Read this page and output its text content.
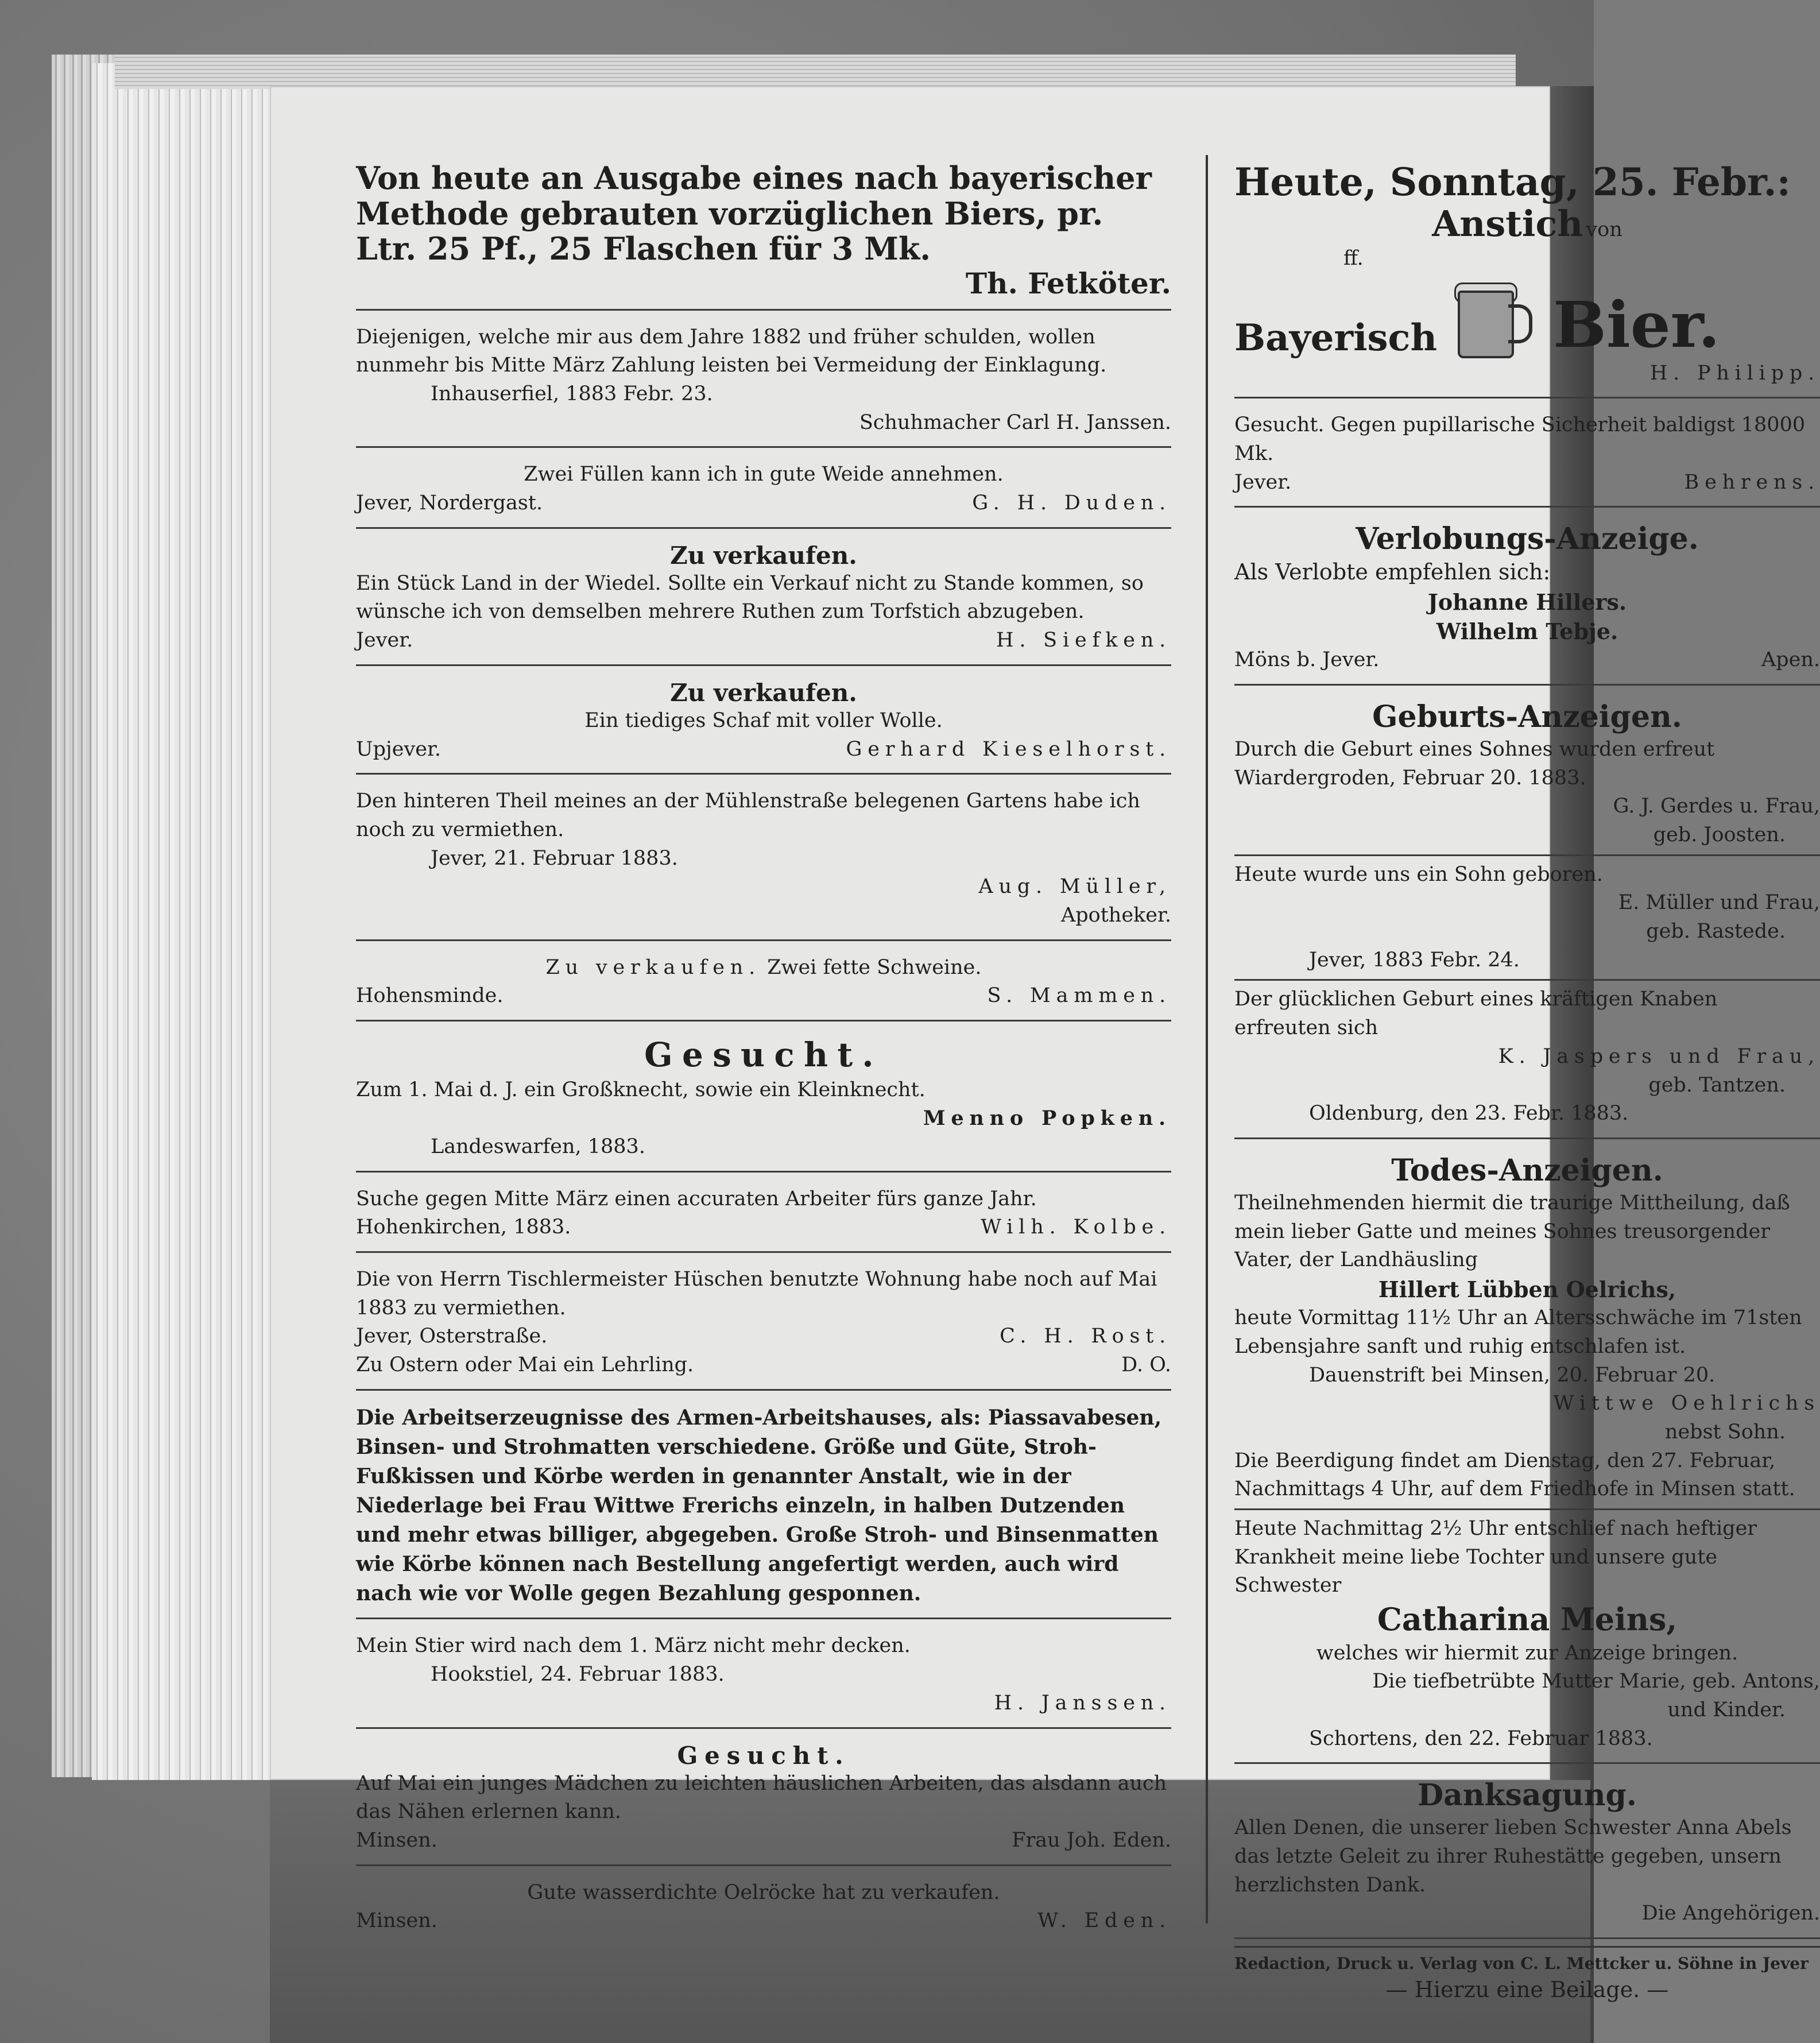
Von heute an Ausgabe eines nach bayerischer Methode gebrauten vorzüglichen Biers, pr. Ltr. 25 Pf., 25 Flaschen für 3 Mk.
Th. Fetköter.
Diejenigen, welche mir aus dem Jahre 1882 und früher schulden, wollen nunmehr bis Mitte März Zahlung leisten bei Vermeidung der Einklagung.
Inhauserfiel, 1883 Febr. 23.
Schuhmacher Carl H. Janssen.
Zwei Füllen kann ich in gute Weide annehmen.
Jever, Nordergast.	G. H. Duden.
Zu verkaufen.
Ein Stück Land in der Wiedel. Sollte ein Verkauf nicht zu Stande kommen, so wünsche ich von demselben mehrere Ruthen zum Torfstich abzugeben.
Jever.	H. Siefken.
Zu verkaufen.
Ein tiediges Schaf mit voller Wolle.
Upjever.	Gerhard Kieselhorst.
Den hinteren Theil meines an der Mühlenstraße belegenen Gartens habe ich noch zu vermiethen.
Jever, 21. Februar 1883.
Aug. Müller,
Apotheker.
Zu verkaufen. Zwei fette Schweine.
Hohensminde.	S. Mammen.
Gesucht.
Zum 1. Mai d. J. ein Großknecht, sowie ein Kleinknecht.
Menno Popken.
Landeswarfen, 1883.
Suche gegen Mitte März einen accuraten Arbeiter fürs ganze Jahr.
Hohenkirchen, 1883.	Wilh. Kolbe.
Die von Herrn Tischlermeister Hüschen benutzte Wohnung habe noch auf Mai 1883 zu vermiethen.
Jever, Osterstraße.	C. H. Rost.
Zu Ostern oder Mai ein Lehrling.	D. O.
Die Arbeitserzeugnisse des Armen-Arbeitshauses, als: Piassavabesen, Binsen- und Strohmatten verschiedene. Größe und Güte, Stroh-Fußkissen und Körbe werden in genannter Anstalt, wie in der Niederlage bei Frau Wittwe Frerichs einzeln, in halben Dutzenden und mehr etwas billiger, abgegeben. Große Stroh- und Binsenmatten wie Körbe können nach Bestellung angefertigt werden, auch wird nach wie vor Wolle gegen Bezahlung gesponnen.
Mein Stier wird nach dem 1. März nicht mehr decken.
Hookstiel, 24. Februar 1883.
H. Janssen.
Gesucht.
Auf Mai ein junges Mädchen zu leichten häuslichen Arbeiten, das alsdann auch das Nähen erlernen kann.
Minsen.	Frau Joh. Eden.
Gute wasserdichte Oelröcke hat zu verkaufen.
Minsen.	W. Eden.
Heute, Sonntag, 25. Febr.:
Anstich von
ff.
Bayerisch Bier.
H. Philipp.
Gesucht. Gegen pupillarische Sicherheit baldigst 18000 Mk.
Jever.	Behrens.
Verlobungs-Anzeige.
Als Verlobte empfehlen sich:
Johanne Hillers.
Wilhelm Tebje.
Möns b. Jever.	Apen.
Geburts-Anzeigen.
Durch die Geburt eines Sohnes wurden erfreut
Wiardergroden, Februar 20. 1883.
G. J. Gerdes u. Frau,
geb. Joosten.
Heute wurde uns ein Sohn geboren.
E. Müller und Frau,
geb. Rastede.
Jever, 1883 Febr. 24.
Der glücklichen Geburt eines kräftigen Knaben erfreuten sich
K. Jaspers und Frau,
geb. Tantzen.
Oldenburg, den 23. Febr. 1883.
Todes-Anzeigen.
Theilnehmenden hiermit die traurige Mittheilung, daß mein lieber Gatte und meines Sohnes treusorgender Vater, der Landhäusling
Hillert Lübben Oelrichs,
heute Vormittag 11½ Uhr an Altersschwäche im 71sten Lebensjahre sanft und ruhig entschlafen ist.
Dauenstrift bei Minsen, 20. Februar 20.
Wittwe Oehlrichs
nebst Sohn.
Die Beerdigung findet am Dienstag, den 27. Februar, Nachmittags 4 Uhr, auf dem Friedhofe in Minsen statt.
Heute Nachmittag 2½ Uhr entschlief nach heftiger Krankheit meine liebe Tochter und unsere gute Schwester
Catharina Meins,
welches wir hiermit zur Anzeige bringen.
Die tiefbetrübte Mutter Marie, geb. Antons,
und Kinder.
Schortens, den 22. Februar 1883.
Danksagung.
Allen Denen, die unserer lieben Schwester Anna Abels das letzte Geleit zu ihrer Ruhestätte gegeben, unsern herzlichsten Dank.
Die Angehörigen.
Redaction, Druck u. Verlag von C. L. Mettcker u. Söhne in Jever
— Hierzu eine Beilage. —
